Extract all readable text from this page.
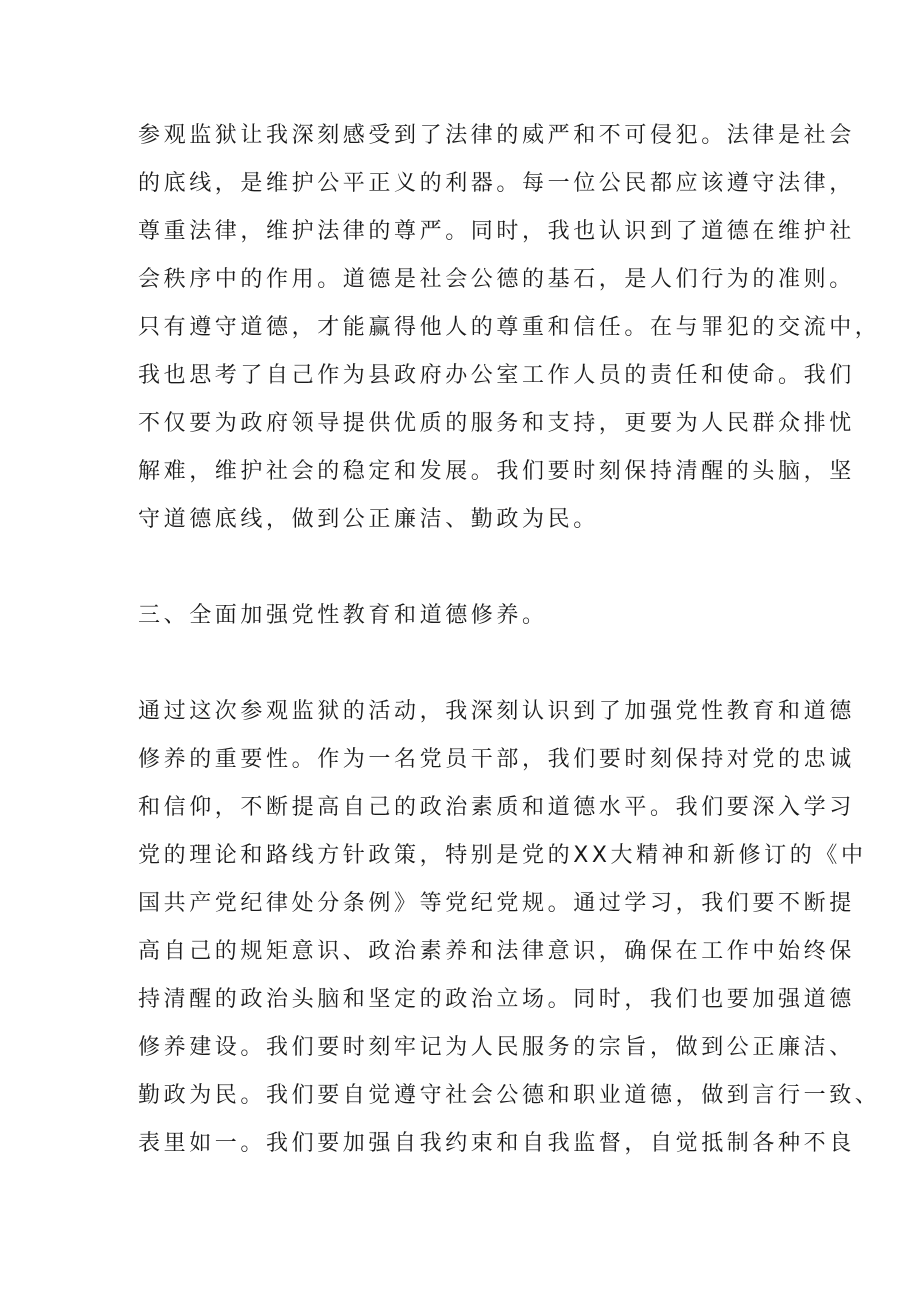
参观监狱让我深刻感受到了法律的威严和不可侵犯。法律是社会
的底线，是维护公平正义的利器。每一位公民都应该遵守法律，
尊重法律，维护法律的尊严。同时，我也认识到了道德在维护社
会秩序中的作用。道德是社会公德的基石，是人们行为的准则。
只有遵守道德，才能赢得他人的尊重和信任。在与罪犯的交流中，
我也思考了自己作为县政府办公室工作人员的责任和使命。我们
不仅要为政府领导提供优质的服务和支持，更要为人民群众排忧
解难，维护社会的稳定和发展。我们要时刻保持清醒的头脑，坚
守道德底线，做到公正廉洁、勤政为民。
三、全面加强党性教育和道德修养。
通过这次参观监狱的活动，我深刻认识到了加强党性教育和道德
修养的重要性。作为一名党员干部，我们要时刻保持对党的忠诚
和信仰，不断提高自己的政治素质和道德水平。我们要深入学习
党的理论和路线方针政策，特别是党的XX大精神和新修订的《中
国共产党纪律处分条例》等党纪党规。通过学习，我们要不断提
高自己的规矩意识、政治素养和法律意识，确保在工作中始终保
持清醒的政治头脑和坚定的政治立场。同时，我们也要加强道德
修养建设。我们要时刻牢记为人民服务的宗旨，做到公正廉洁、
勤政为民。我们要自觉遵守社会公德和职业道德，做到言行一致、
表里如一。我们要加强自我约束和自我监督，自觉抵制各种不良
